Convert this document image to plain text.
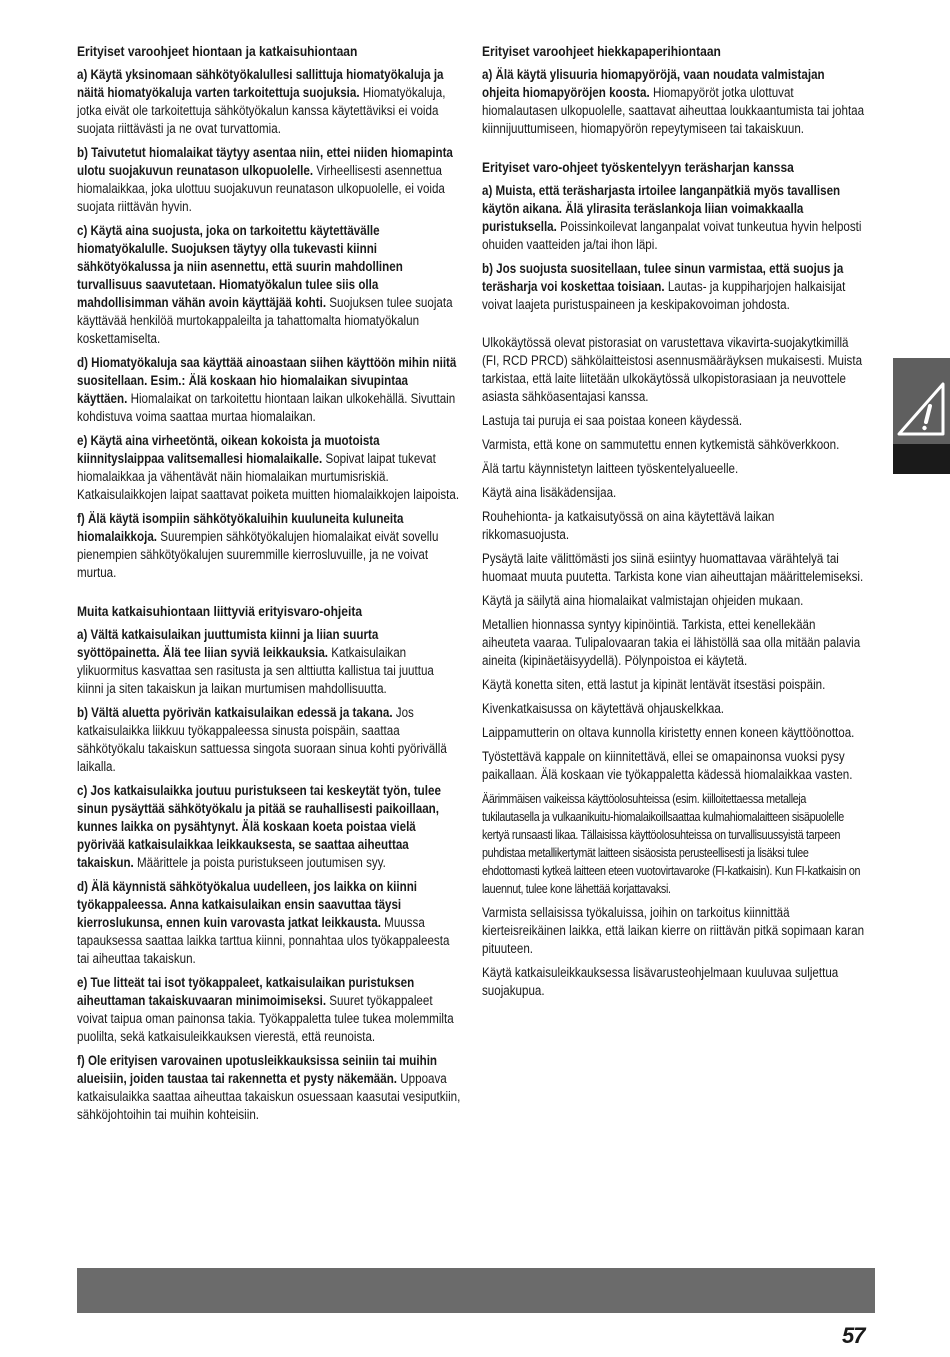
Erityiset varoohjeet hiontaan ja katkaisuhiontaan
a) Käytä yksinomaan sähkötyökalullesi sallittuja hiomatyökaluja ja näitä hiomatyökaluja varten tarkoitettuja suojuksia. Hiomatyökaluja, jotka eivät ole tarkoitettuja sähkötyökalun kanssa käytettäviksi ei voida suojata riittävästi ja ne ovat turvattomia.
b) Taivutetut hiomalaikat täytyy asentaa niin, ettei niiden hiomapinta ulotu suojakuvun reunatason ulkopuolelle. Virheellisesti asennettua hiomalaikkaa, joka ulottuu suojakuvun reunatason ulkopuolelle, ei voida suojata riittävän hyvin.
c) Käytä aina suojusta, joka on tarkoitettu käytettävälle hiomatyökalulle. Suojuksen täytyy olla tukevasti kiinni sähkötyökalussa ja niin asennettu, että suurin mahdollinen turvallisuus saavutetaan. Hiomatyökalun tulee siis olla mahdollisimman vähän avoin käyttäjää kohti. Suojuksen tulee suojata käyttävää henkilöä murtokappaleilta ja tahattomalta hiomatyökalun koskettamiselta.
d) Hiomatyökaluja saa käyttää ainoastaan siihen käyttöön mihin niitä suositellaan. Esim.: Älä koskaan hio hiomalaikan sivupintaa käyttäen. Hiomalaikat on tarkoitettu hiontaan laikan ulkokehällä. Sivuttain kohdistuva voima saattaa murtaa hiomalaikan.
e) Käytä aina virheetöntä, oikean kokoista ja muotoista kiinnityslaippaa valitsemallesi hiomalaikalle. Sopivat laipat tukevat hiomalaikkaa ja vähentävät näin hiomalaikan murtumisriskiä. Katkaisulaikkojen laipat saattavat poiketa muitten hiomalaikkojen laipoista.
f) Älä käytä isompiin sähkötyökaluihin kuuluneita kuluneita hiomalaikkoja. Suurempien sähkötyökalujen hiomalaikat eivät sovellu pienempien sähkötyökalujen suuremmille kierrosluvuille, ja ne voivat murtua.
Muita katkaisuhiontaan liittyviä erityisvaro-ohjeita
a) Vältä katkaisulaikan juuttumista kiinni ja liian suurta syöttöpainetta. Älä tee liian syviä leikkauksia. Katkaisulaikan ylikuormitus kasvattaa sen rasitusta ja sen alttiutta kallistua tai juuttua kiinni ja siten takaiskun ja laikan murtumisen mahdollisuutta.
b) Vältä aluetta pyörivän katkaisulaikan edessä ja takana. Jos katkaisulaikka liikkuu työkappaleessa sinusta poispäin, saattaa sähkötyökalu takaiskun sattuessa singota suoraan sinua kohti pyörivällä laikalla.
c) Jos katkaisulaikka joutuu puristukseen tai keskeytät työn, tulee sinun pysäyttää sähkötyökalu ja pitää se rauhallisesti paikoillaan, kunnes laikka on pysähtynyt. Älä koskaan koeta poistaa vielä pyörivää katkaisulaikkaa leikkauksesta, se saattaa aiheuttaa takaiskun. Määrittele ja poista puristukseen joutumisen syy.
d) Älä käynnistä sähkötyökalua uudelleen, jos laikka on kiinni työkappaleessa. Anna katkaisulaikan ensin saavuttaa täysi kierroslukunsa, ennen kuin varovasta jatkat leikkausta. Muussa tapauksessa saattaa laikka tarttua kiinni, ponnahtaa ulos työkappaleesta tai aiheuttaa takaiskun.
e) Tue litteät tai isot työkappaleet, katkaisulaikan puristuksen aiheuttaman takaiskuvaaran minimoimiseksi. Suuret työkappaleet voivat taipua oman painonsa takia. Työkappaletta tulee tukea molemmilta puolilta, sekä katkaisuleikkauksen vierestä, että reunoista.
f) Ole erityisen varovainen upotusleikkauksissa seiniin tai muihin alueisiin, joiden taustaa tai rakennetta et pysty näkemään. Uppoava katkaisulaikka saattaa aiheuttaa takaiskun osuessaan kaasutai vesiputkiin, sähköjohtoihin tai muihin kohteisiin.
Erityiset varoohjeet hiekkapaperihiontaan
a) Älä käytä ylisuuria hiomapyöröjä, vaan noudata valmistajan ohjeita hiomapyöröjen koosta. Hiomapyöröt jotka ulottuvat hiomalautasen ulkopuolelle, saattavat aiheuttaa loukkaantumista tai johtaa kiinnijuuttumiseen, hiomapyörön repeytymiseen tai takaiskuun.
Erityiset varo-ohjeet työskentelyyn teräsharjan kanssa
a) Muista, että teräsharjasta irtoilee langanpätkiä myös tavallisen käytön aikana. Älä ylirasita teräslankoja liian voimakkaalla puristuksella. Poissinkoilevat langanpalat voivat tunkeutua hyvin helposti ohuiden vaatteiden ja/tai ihon läpi.
b) Jos suojusta suositellaan, tulee sinun varmistaa, että suojus ja teräsharja voi koskettaa toisiaan. Lautas- ja kuppiharjojen halkaisijat voivat laajeta puristuspaineen ja keskipakovoiman johdosta.
Ulkokäytössä olevat pistorasiat on varustettava vikavirta-suojakytkimillä (FI, RCD PRCD) sähkölaitteistosi asennusmääräyksen mukaisesti. Muista tarkistaa, että laite liitetään ulkokäytössä ulkopistorasiaan ja neuvottele asiasta sähköasentajasi kanssa.
Lastuja tai puruja ei saa poistaa koneen käydessä.
Varmista, että kone on sammutettu ennen kytkemistä sähköverkkoon.
Älä tartu käynnistetyn laitteen työskentelyalueelle.
Käytä aina lisäkädensijaa.
Rouhehionta- ja katkaisutyössä on aina käytettävä laikan rikkomasuojusta.
Pysäytä laite välittömästi jos siinä esiintyy huomattavaa värähtelyä tai huomaat muuta puutetta. Tarkista kone vian aiheuttajan määrittelemiseksi.
Käytä ja säilytä aina hiomalaikat valmistajan ohjeiden mukaan.
Metallien hionnassa syntyy kipinöintiä. Tarkista, ettei kenellekään aiheuteta vaaraa. Tulipalovaaran takia ei lähistöllä saa olla mitään palavia aineita (kipinäetäisyydellä). Pölynpoistoa ei käytetä.
Käytä konetta siten, että lastut ja kipinät lentävät itsestäsi poispäin.
Kivenkatkaisussa on käytettävä ohjauskelkkaa.
Laippamutterin on oltava kunnolla kiristetty ennen koneen käyttöönottoa.
Työstettävä kappale on kiinnitettävä, ellei se omapainonsa vuoksi pysy paikallaan. Älä koskaan vie työkappaletta kädessä hiomalaikkaa vasten.
Äärimmäisen vaikeissa käyttöolosuhteissa (esim. kiilloitettaessa metalleja tukilautasella ja vulkaanikuitu-hiomalaikoillsaattaa kulmahiomalaitteen sisäpuolelle kertyä runsaasti likaa. Tällaisissa käyttöolosuhteissa on turvallisuussyistä tarpeen puhdistaa metallikertymät laitteen sisäosista perusteellisesti ja lisäksi tulee ehdottomasti kytkeä laitteen eteen vuotovirtavaroke (FI-katkaisin). Kun FI-katkaisin on lauennut, tulee kone lähettää korjattavaksi.
Varmista sellaisissa työkaluissa, joihin on tarkoitus kiinnittää kierteisreikäinen laikka, että laikan kierre on riittävän pitkä sopimaan karan pituuteen.
Käytä katkaisuleikkauksessa lisävarusteohjelmaan kuuluvaa suljettua suojakupua.
57
